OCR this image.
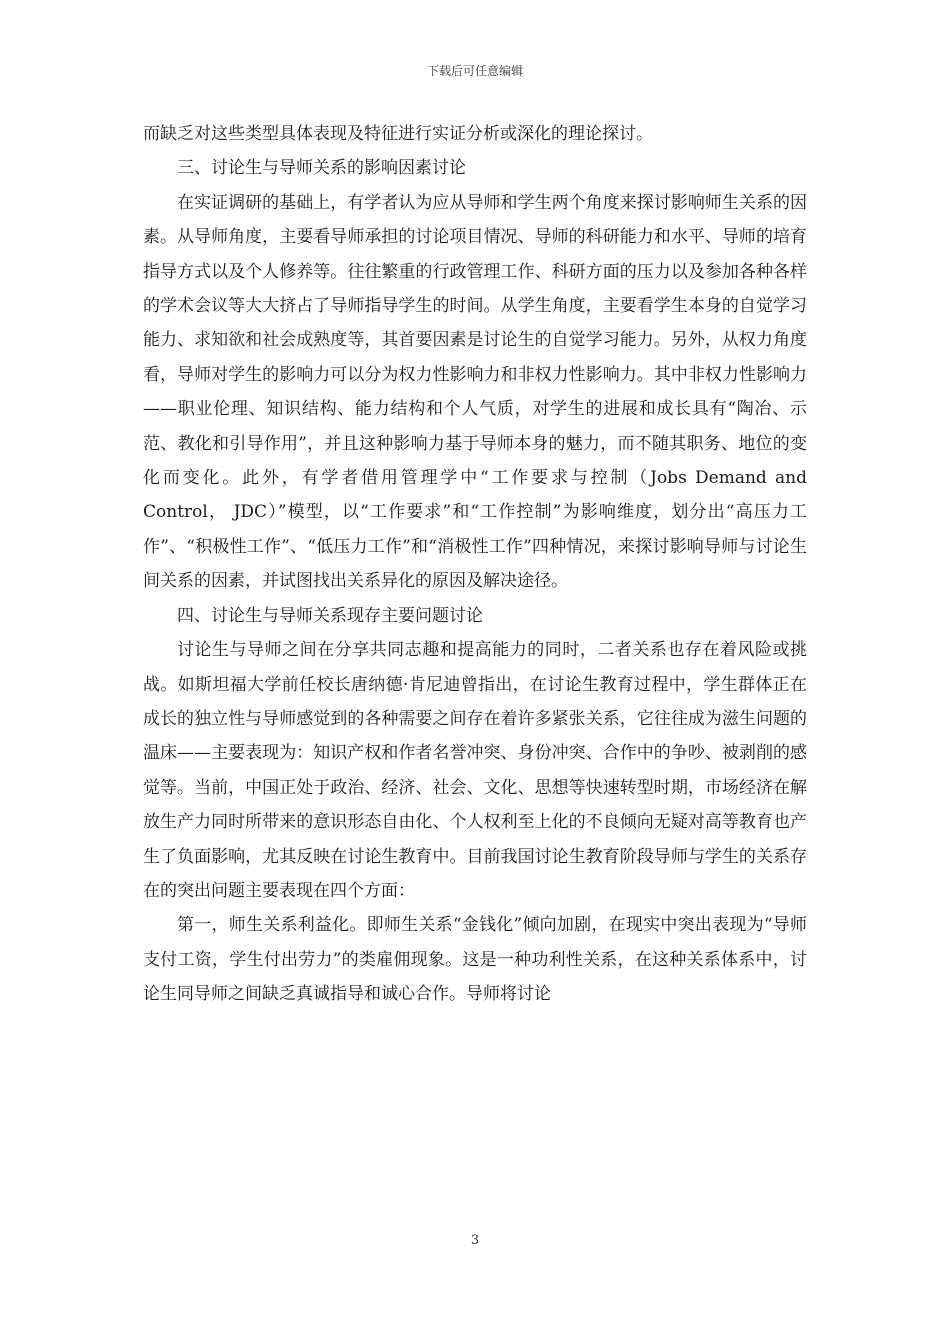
下载后可任意编辑

而缺乏对这些类型具体表现及特征进行实证分析或深化的理论探讨。

三、讨论生与导师关系的影响因素讨论

在实证调研的基础上，有学者认为应从导师和学生两个角度来探讨影响师生关系的因素。从导师角度，主要看导师承担的讨论项目情况、导师的科研能力和水平、导师的培育指导方式以及个人修养等。往往繁重的行政管理工作、科研方面的压力以及参加各种各样的学术会议等大大挤占了导师指导学生的时间。从学生角度，主要看学生本身的自觉学习能力、求知欲和社会成熟度等，其首要因素是讨论生的自觉学习能力。另外，从权力角度看，导师对学生的影响力可以分为权力性影响力和非权力性影响力。其中非权力性影响力——职业伦理、知识结构、能力结构和个人气质，对学生的进展和成长具有“陶冶、示范、教化和引导作用”，并且这种影响力基于导师本身的魅力，而不随其职务、地位的变化而变化。此外，有学者借用管理学中“工作要求与控制（Jobs Demand and Control， JDC）”模型，以“工作要求”和“工作控制”为影响维度，划分出“高压力工作”、“积极性工作”、“低压力工作”和“消极性工作”四种情况，来探讨影响导师与讨论生间关系的因素，并试图找出关系异化的原因及解决途径。

四、讨论生与导师关系现存主要问题讨论

讨论生与导师之间在分享共同志趣和提高能力的同时，二者关系也存在着风险或挑战。如斯坦福大学前任校长唐纳德·肯尼迪曾指出，在讨论生教育过程中，学生群体正在成长的独立性与导师感觉到的各种需要之间存在着许多紧张关系，它往往成为滋生问题的温床——主要表现为：知识产权和作者名誉冲突、身份冲突、合作中的争吵、被剥削的感觉等。当前，中国正处于政治、经济、社会、文化、思想等快速转型时期，市场经济在解放生产力同时所带来的意识形态自由化、个人权利至上化的不良倾向无疑对高等教育也产生了负面影响，尤其反映在讨论生教育中。目前我国讨论生教育阶段导师与学生的关系存在的突出问题主要表现在四个方面：

第一，师生关系利益化。即师生关系“金钱化”倾向加剧，在现实中突出表现为“导师支付工资，学生付出劳力”的类雇佣现象。这是一种功利性关系，在这种关系体系中，讨论生同导师之间缺乏真诚指导和诚心合作。导师将讨论

3
